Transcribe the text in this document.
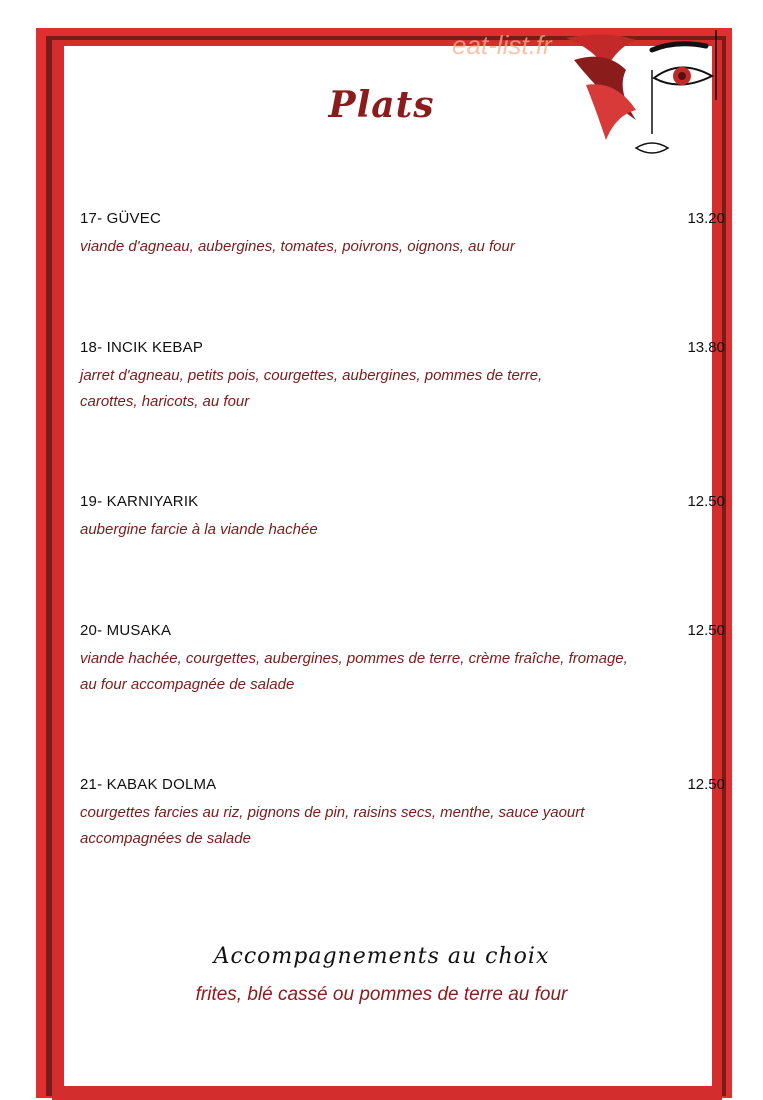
eat-list.fr
Plats
17- GÜVEC	13.20
viande d'agneau, aubergines, tomates, poivrons, oignons, au four
18- INCIK KEBAP	13.80
jarret d'agneau, petits pois, courgettes, aubergines, pommes de terre,
carottes, haricots, au four
19- KARNIYARIK	12.50
aubergine farcie à la viande hachée
20- MUSAKA	12.50
viande hachée, courgettes, aubergines, pommes de terre, crème fraîche, fromage,
au four accompagnée de salade
21- KABAK DOLMA	12.50
courgettes farcies au riz, pignons de pin, raisins secs, menthe, sauce yaourt
accompagnées de salade
Accompagnements au choix
frites, blé cassé ou pommes de terre au four
